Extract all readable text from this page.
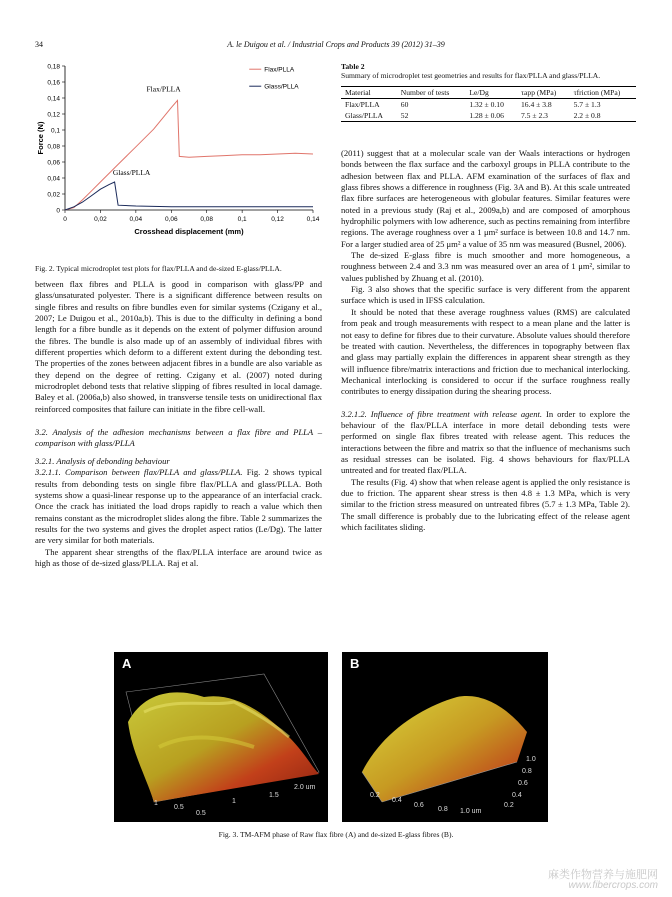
34	A. le Duigou et al. / Industrial Crops and Products 39 (2012) 31–39
0	0,02	0,04	0,06	0,08	0,1	0,12	0,14
0
0,02
0,04
0,06
0,08
0,1
0,12
0,14
0,16
0,18
Crosshead displacement (mm)
Force (N)
Flax/PLLA
Glass/PLLA
Flax/PLLA
Glass/PLLA
Fig. 2. Typical microdroplet test plots for flax/PLLA and de-sized E-glass/PLLA.
Table 2
Summary of microdroplet test geometries and results for flax/PLLA and glass/PLLA.
Material	Number of tests	Le/Dg	τapp (MPa)	τfriction (MPa)
Flax/PLLA	60	1.32 ± 0.10	16.4 ± 3.8	5.7 ± 1.3
Glass/PLLA	52	1.28 ± 0.06	7.5 ± 2.3	2.2 ± 0.8

between flax fibres and PLLA is good in comparison with glass/PP and glass/unsaturated polyester. There is a significant difference between results on single fibres and results on fibre bundles even for similar systems (Czigany et al., 2007; Le Duigou et al., 2010a,b). This is due to the difficulty in defining a bond length for a fibre bundle as it depends on the extent of polymer diffusion around the fibres. The bundle is also made up of an assembly of individual fibres with different properties which deform to a different extent during the debonding test. The properties of the zones between adjacent fibres in a bundle are also variable as they depend on the degree of retting. Czigany et al. (2007) noted during microdroplet debond tests that relative slipping of fibres resulted in local damage. Baley et al. (2006a,b) also showed, in transverse tensile tests on unidirectional flax reinforced composites that failure can initiate in the fibre cell-wall.

3.2. Analysis of the adhesion mechanisms between a flax fibre and PLLA – comparison with glass/PLLA
3.2.1. Analysis of debonding behaviour

3.2.1.1. Comparison between flax/PLLA and glass/PLLA. Fig. 2 shows typical results from debonding tests on single fibre flax/PLLA and glass/PLLA. Both systems show a quasi-linear response up to the appearance of an interfacial crack. Once the crack has initiated the load drops rapidly to reach a value which then remains constant as the microdroplet slides along the fibre. Table 2 summarizes the results for the two systems and gives the droplet aspect ratios (Le/Dg). The latter are very similar for both materials.

The apparent shear strengths of the flax/PLLA interface are around twice as high as those of de-sized glass/PLLA. Raj et al.

(2011) suggest that at a molecular scale van der Waals interactions or hydrogen bonds between the flax surface and the carboxyl groups in PLLA contribute to the adhesion between flax and PLLA. AFM examination of the surfaces of flax and glass fibres shows a difference in roughness (Fig. 3A and B). At this scale untreated flax fibre surfaces are heterogeneous with globular features. Similar features were noted in a previous study (Raj et al., 2009a,b) and are composed of amorphous hydrophilic polymers with low adherence, such as pectins remaining from interfibre regions. The average roughness over a 1 μm² surface is between 10.8 and 14.7 nm. For a larger studied area of 25 μm² a value of 35 nm was measured (Busnel, 2006).

The de-sized E-glass fibre is much smoother and more homogeneous, a roughness between 2.4 and 3.3 nm was measured over an area of 1 μm², similar to values published by Zhuang et al. (2010).

Fig. 3 also shows that the specific surface is very different from the apparent surface which is used in IFSS calculation.

It should be noted that these average roughness values (RMS) are calculated from peak and trough measurements with respect to a mean plane and the latter is not easy to define for fibres due to their curvature. Absolute values should therefore be treated with caution. Nevertheless, the differences in topography between flax and glass may partially explain the differences in apparent shear strength as they will influence fibre/matrix interactions and friction due to mechanical interlocking. Mechanical interlocking is considered to occur if the surface roughness really contributes to energy dissipation during the shearing process.

3.2.1.2. Influence of fibre treatment with release agent. In order to explore the behaviour of the flax/PLLA interface in more detail debonding tests were performed on single flax fibres treated with release agent. This reduces the interactions between the fibre and matrix so that the influence of mechanisms such as residual stresses can be isolated. Fig. 4 shows behaviours for flax/PLLA untreated and for treated flax/PLLA.

The results (Fig. 4) show that when release agent is applied the only resistance is due to friction. The apparent shear stress is then 4.8 ± 1.3 MPa, which is very similar to the friction stress measured on untreated fibres (5.7 ± 1.3 MPa, Table 2). The small difference is probably due to the lubricating effect of the release agent which facilitates sliding.

A
0.5
1
1.5
2.0 um
0.5
1
B
0.2
0.4
0.6
0.8 1.0 um
1.0
0.8
0.6
0.4
0.2
Fig. 3. TM-AFM phase of Raw flax fibre (A) and de-sized E-glass fibres (B).
麻类作物营养与施肥网
www.fibercrops.com
